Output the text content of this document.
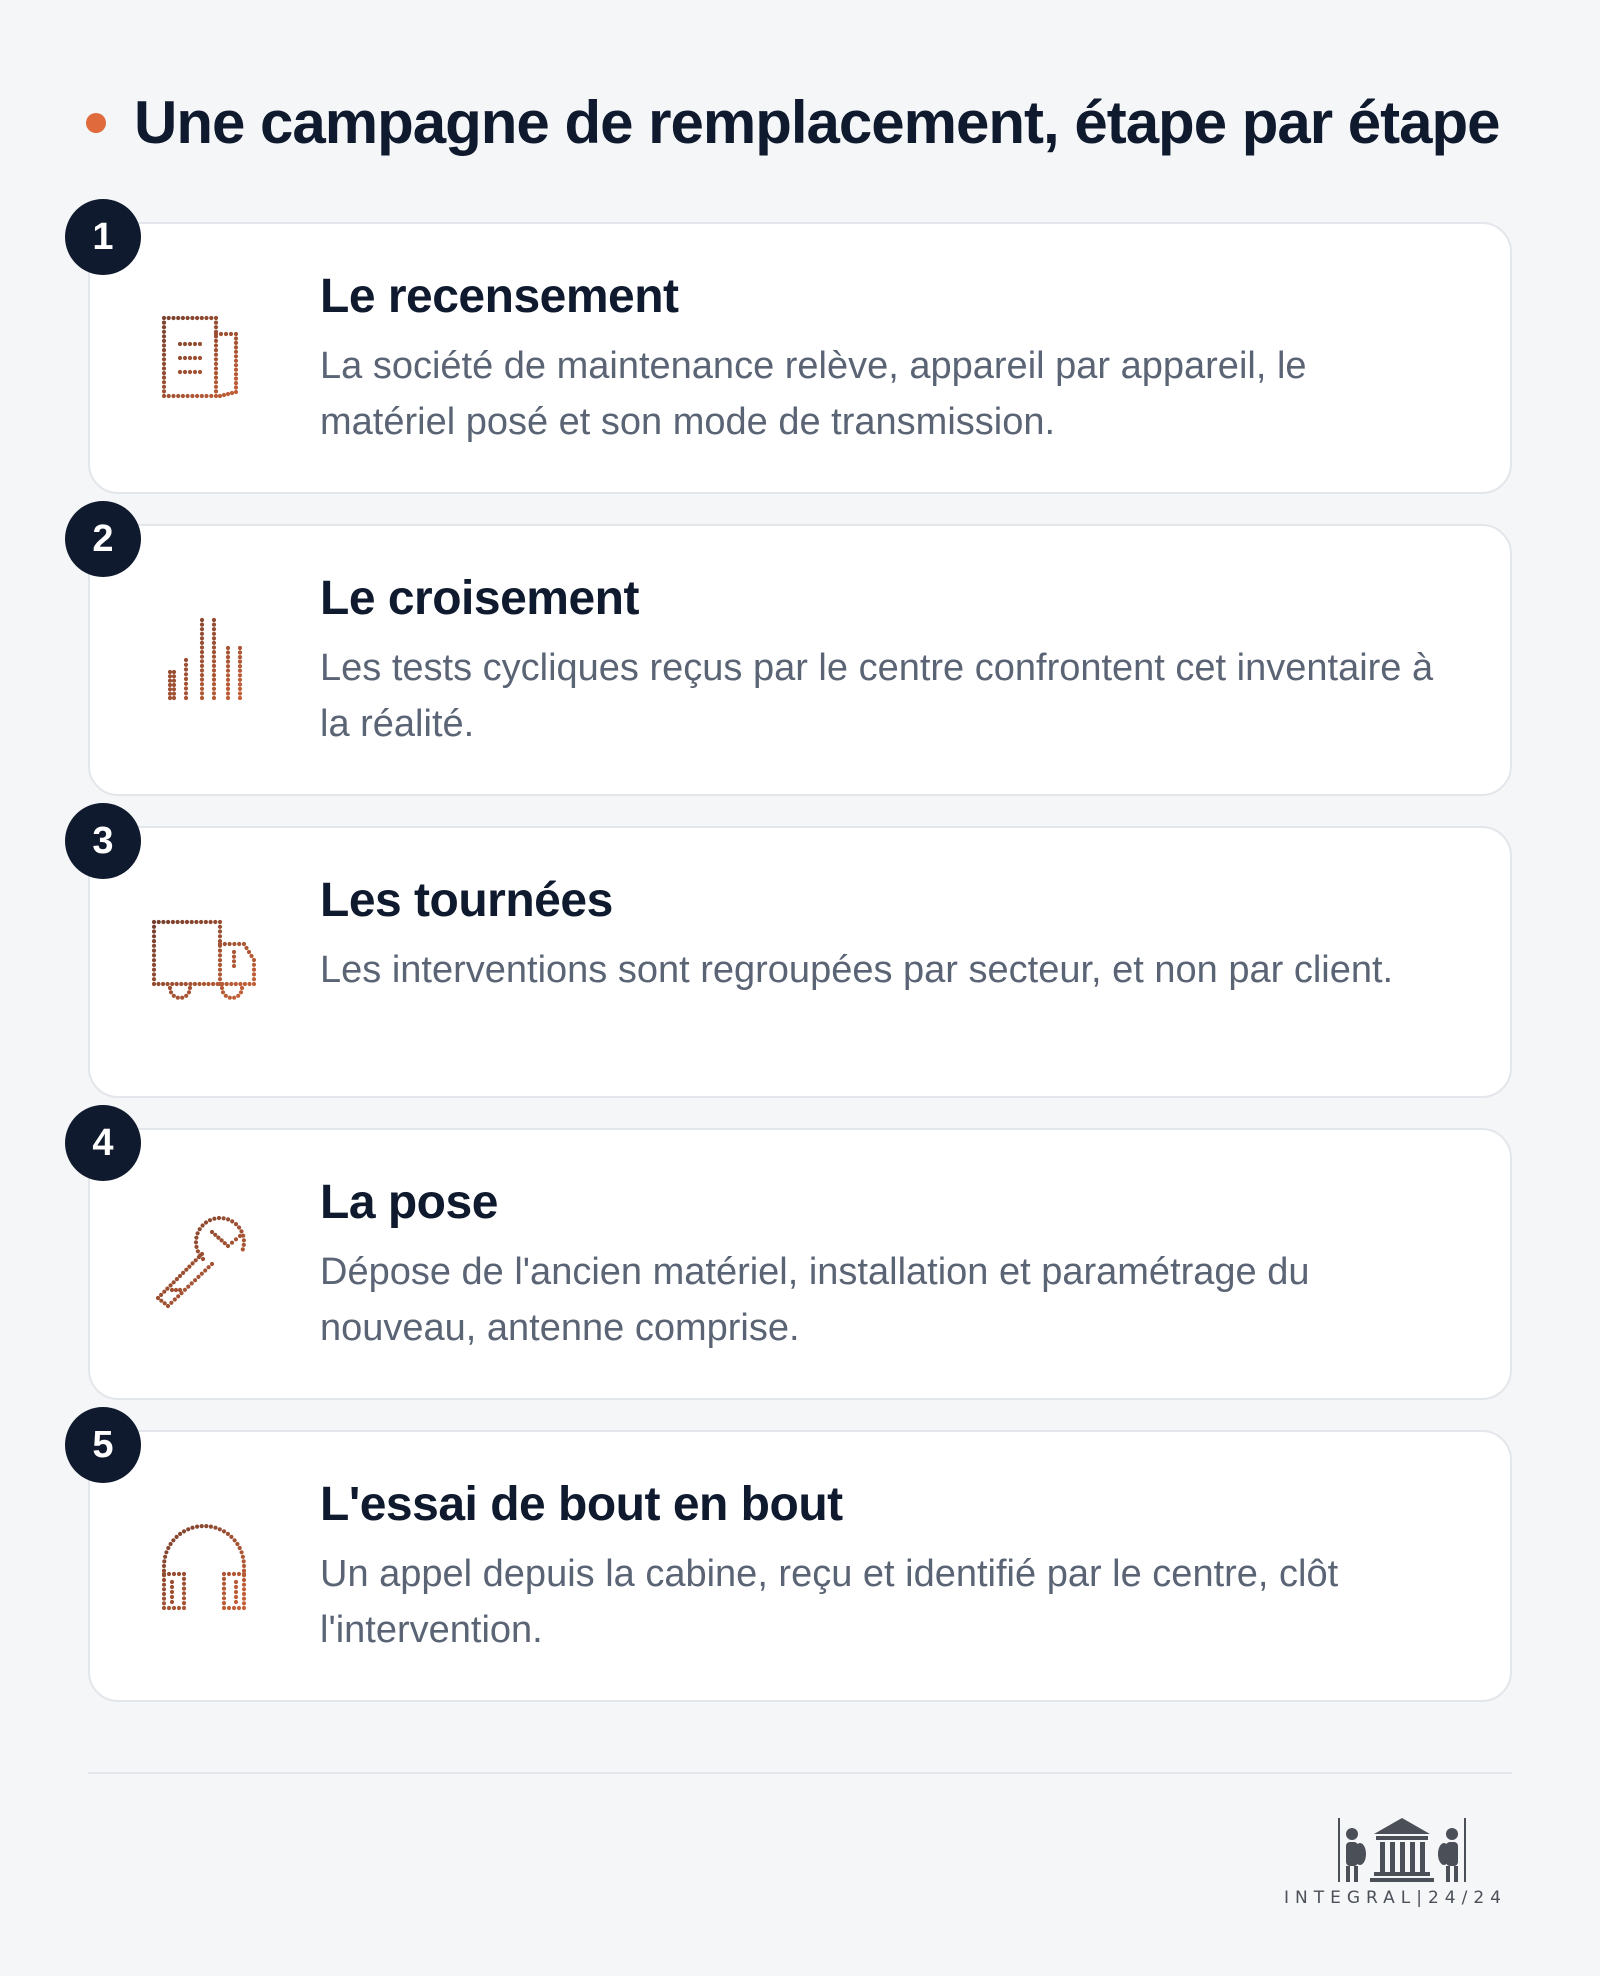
Une campagne de remplacement, étape par étape
1
Le recensement
La société de maintenance relève, appareil par appareil, le matériel posé et son mode de transmission.
2
Le croisement
Les tests cycliques reçus par le centre confrontent cet inventaire à la réalité.
3
Les tournées
Les interventions sont regroupées par secteur, et non par client.
4
La pose
Dépose de l'ancien matériel, installation et paramétrage du nouveau, antenne comprise.
5
L'essai de bout en bout
Un appel depuis la cabine, reçu et identifié par le centre, clôt l'intervention.
INTEGRAL|24/24
